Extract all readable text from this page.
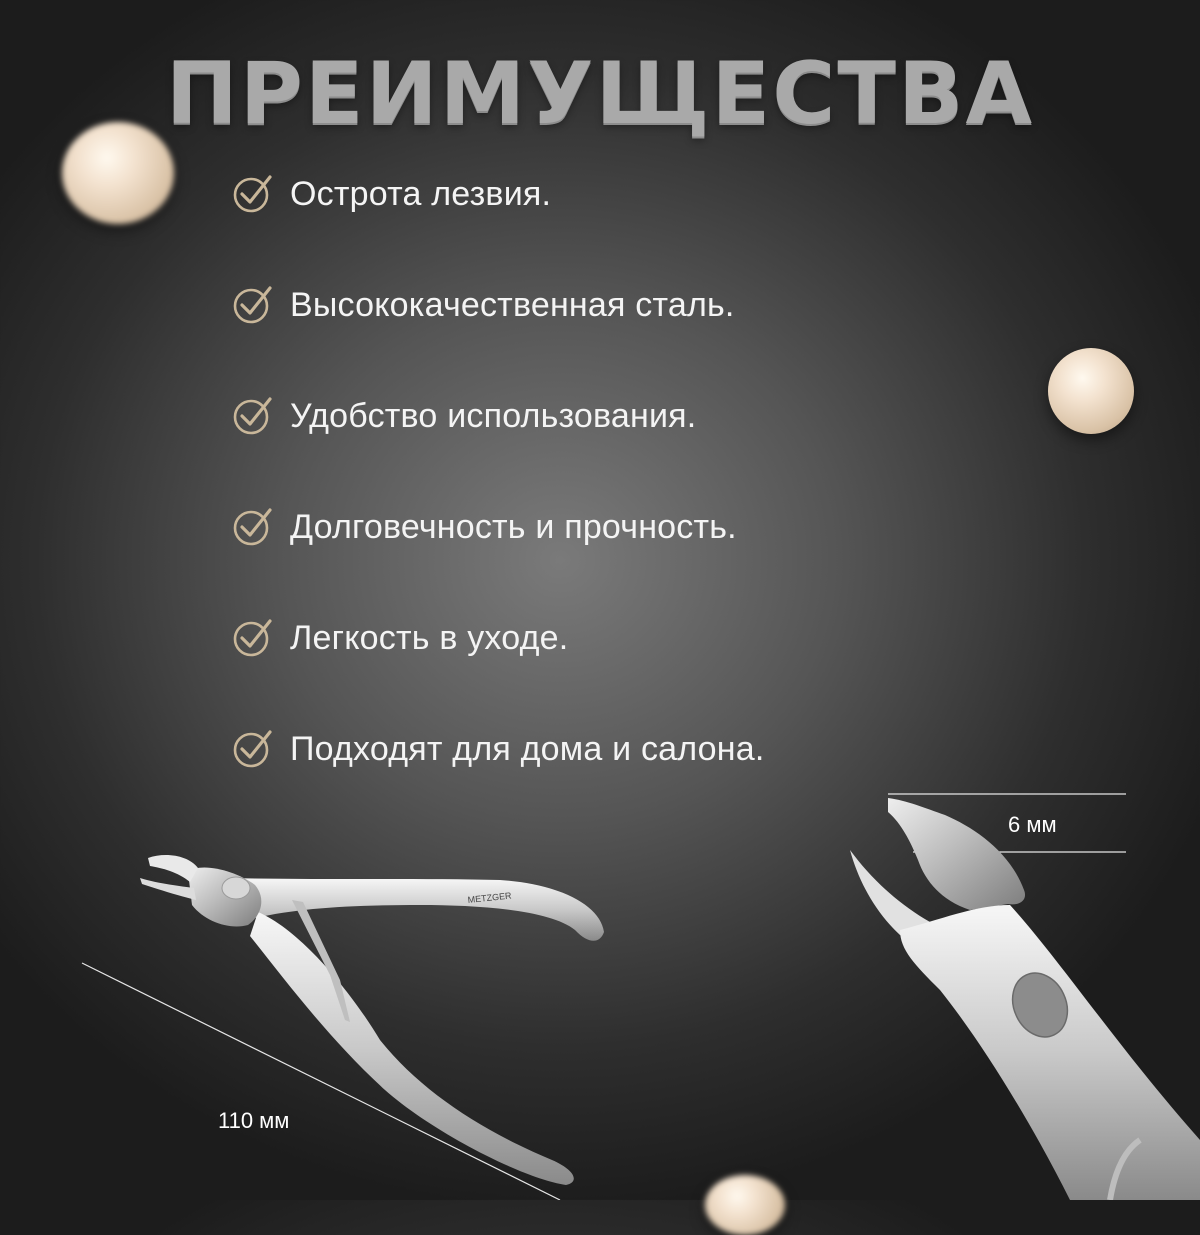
ПРЕИМУЩЕСТВА
Острота лезвия.
Высококачественная сталь.
Удобство использования.
Долговечность и прочность.
Легкость в уходе.
Подходят для дома и салона.
METZGER
110 мм
6 мм
